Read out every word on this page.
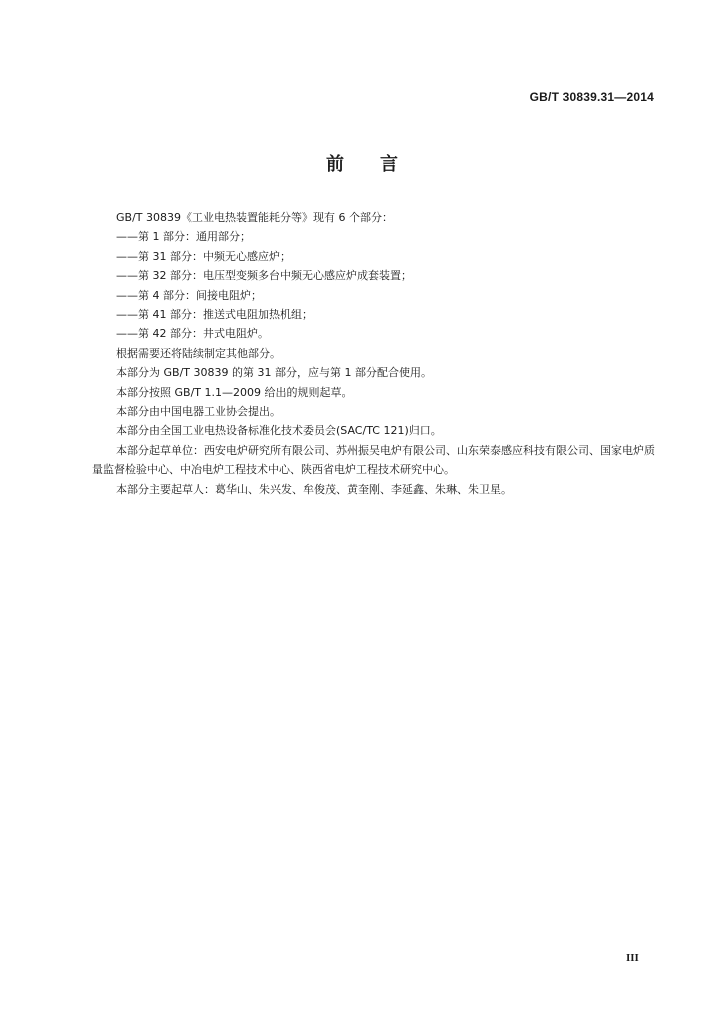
GB/T 30839.31—2014
前 言
GB/T 30839《工业电热装置能耗分等》现有 6 个部分：
——第 1 部分：通用部分；
——第 31 部分：中频无心感应炉；
——第 32 部分：电压型变频多台中频无心感应炉成套装置；
——第 4 部分：间接电阻炉；
——第 41 部分：推送式电阻加热机组；
——第 42 部分：井式电阻炉。
根据需要还将陆续制定其他部分。
本部分为 GB/T 30839 的第 31 部分，应与第 1 部分配合使用。
本部分按照 GB/T 1.1—2009 给出的规则起草。
本部分由中国电器工业协会提出。
本部分由全国工业电热设备标准化技术委员会(SAC/TC 121)归口。
本部分起草单位：西安电炉研究所有限公司、苏州振吴电炉有限公司、山东荣泰感应科技有限公司、国家电炉质量监督检验中心、中冶电炉工程技术中心、陕西省电炉工程技术研究中心。
本部分主要起草人：葛华山、朱兴发、牟俊茂、黄奎刚、李延鑫、朱琳、朱卫星。
III
